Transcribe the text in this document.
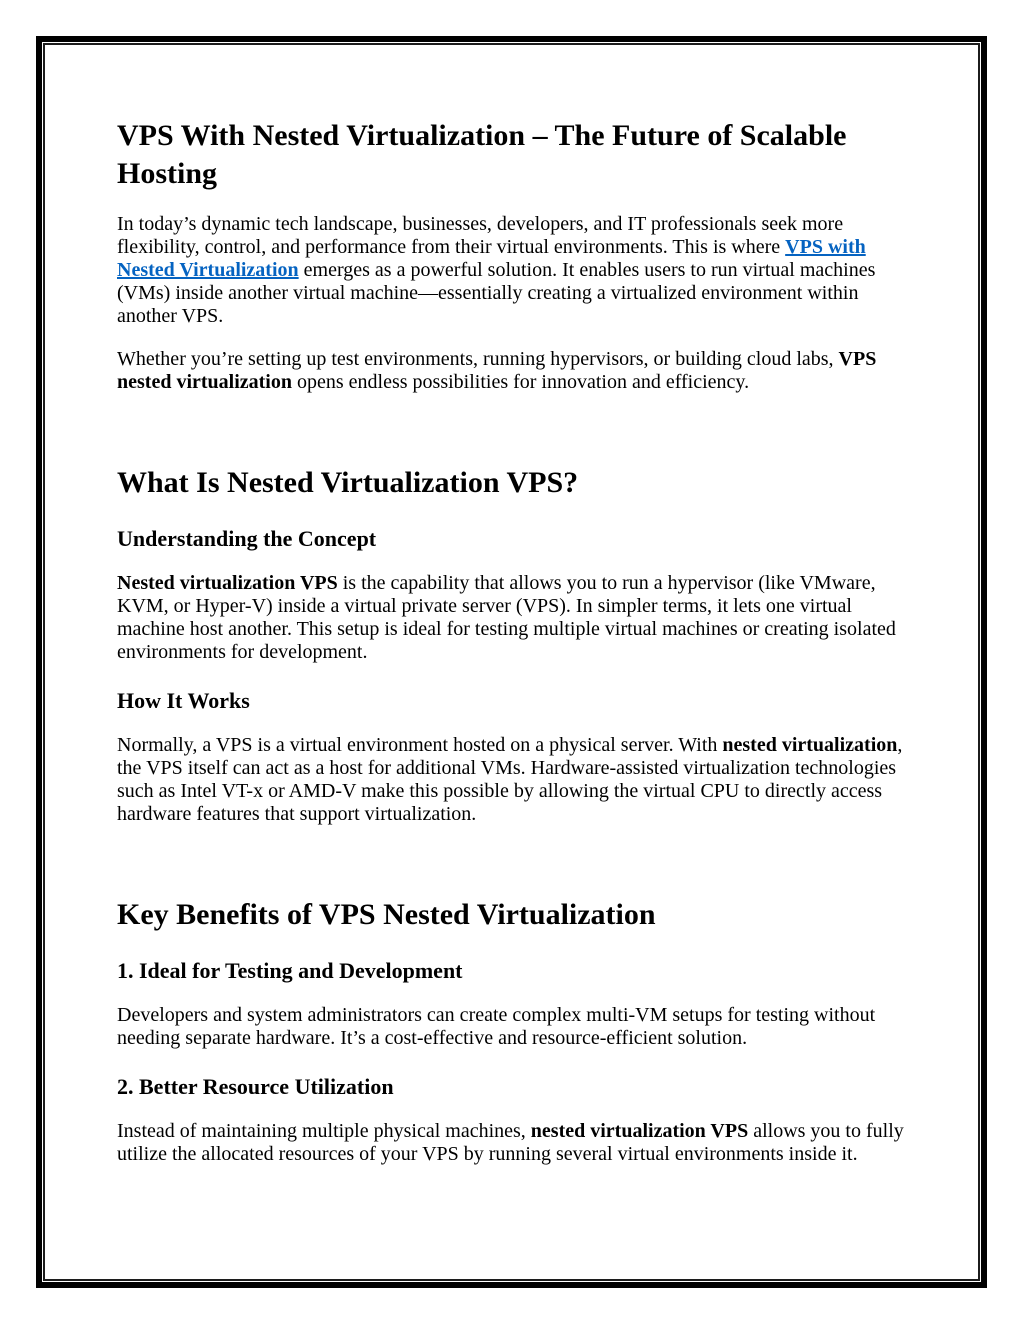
VPS With Nested Virtualization – The Future of Scalable Hosting

In today’s dynamic tech landscape, businesses, developers, and IT professionals seek more flexibility, control, and performance from their virtual environments. This is where VPS with Nested Virtualization emerges as a powerful solution. It enables users to run virtual machines (VMs) inside another virtual machine—essentially creating a virtualized environment within another VPS.

Whether you’re setting up test environments, running hypervisors, or building cloud labs, VPS nested virtualization opens endless possibilities for innovation and efficiency.

What Is Nested Virtualization VPS?
Understanding the Concept

Nested virtualization VPS is the capability that allows you to run a hypervisor (like VMware, KVM, or Hyper-V) inside a virtual private server (VPS). In simpler terms, it lets one virtual machine host another. This setup is ideal for testing multiple virtual machines or creating isolated environments for development.

How It Works

Normally, a VPS is a virtual environment hosted on a physical server. With nested virtualization, the VPS itself can act as a host for additional VMs. Hardware-assisted virtualization technologies such as Intel VT-x or AMD-V make this possible by allowing the virtual CPU to directly access hardware features that support virtualization.

Key Benefits of VPS Nested Virtualization
1. Ideal for Testing and Development

Developers and system administrators can create complex multi-VM setups for testing without needing separate hardware. It’s a cost-effective and resource-efficient solution.

2. Better Resource Utilization

Instead of maintaining multiple physical machines, nested virtualization VPS allows you to fully utilize the allocated resources of your VPS by running several virtual environments inside it.
